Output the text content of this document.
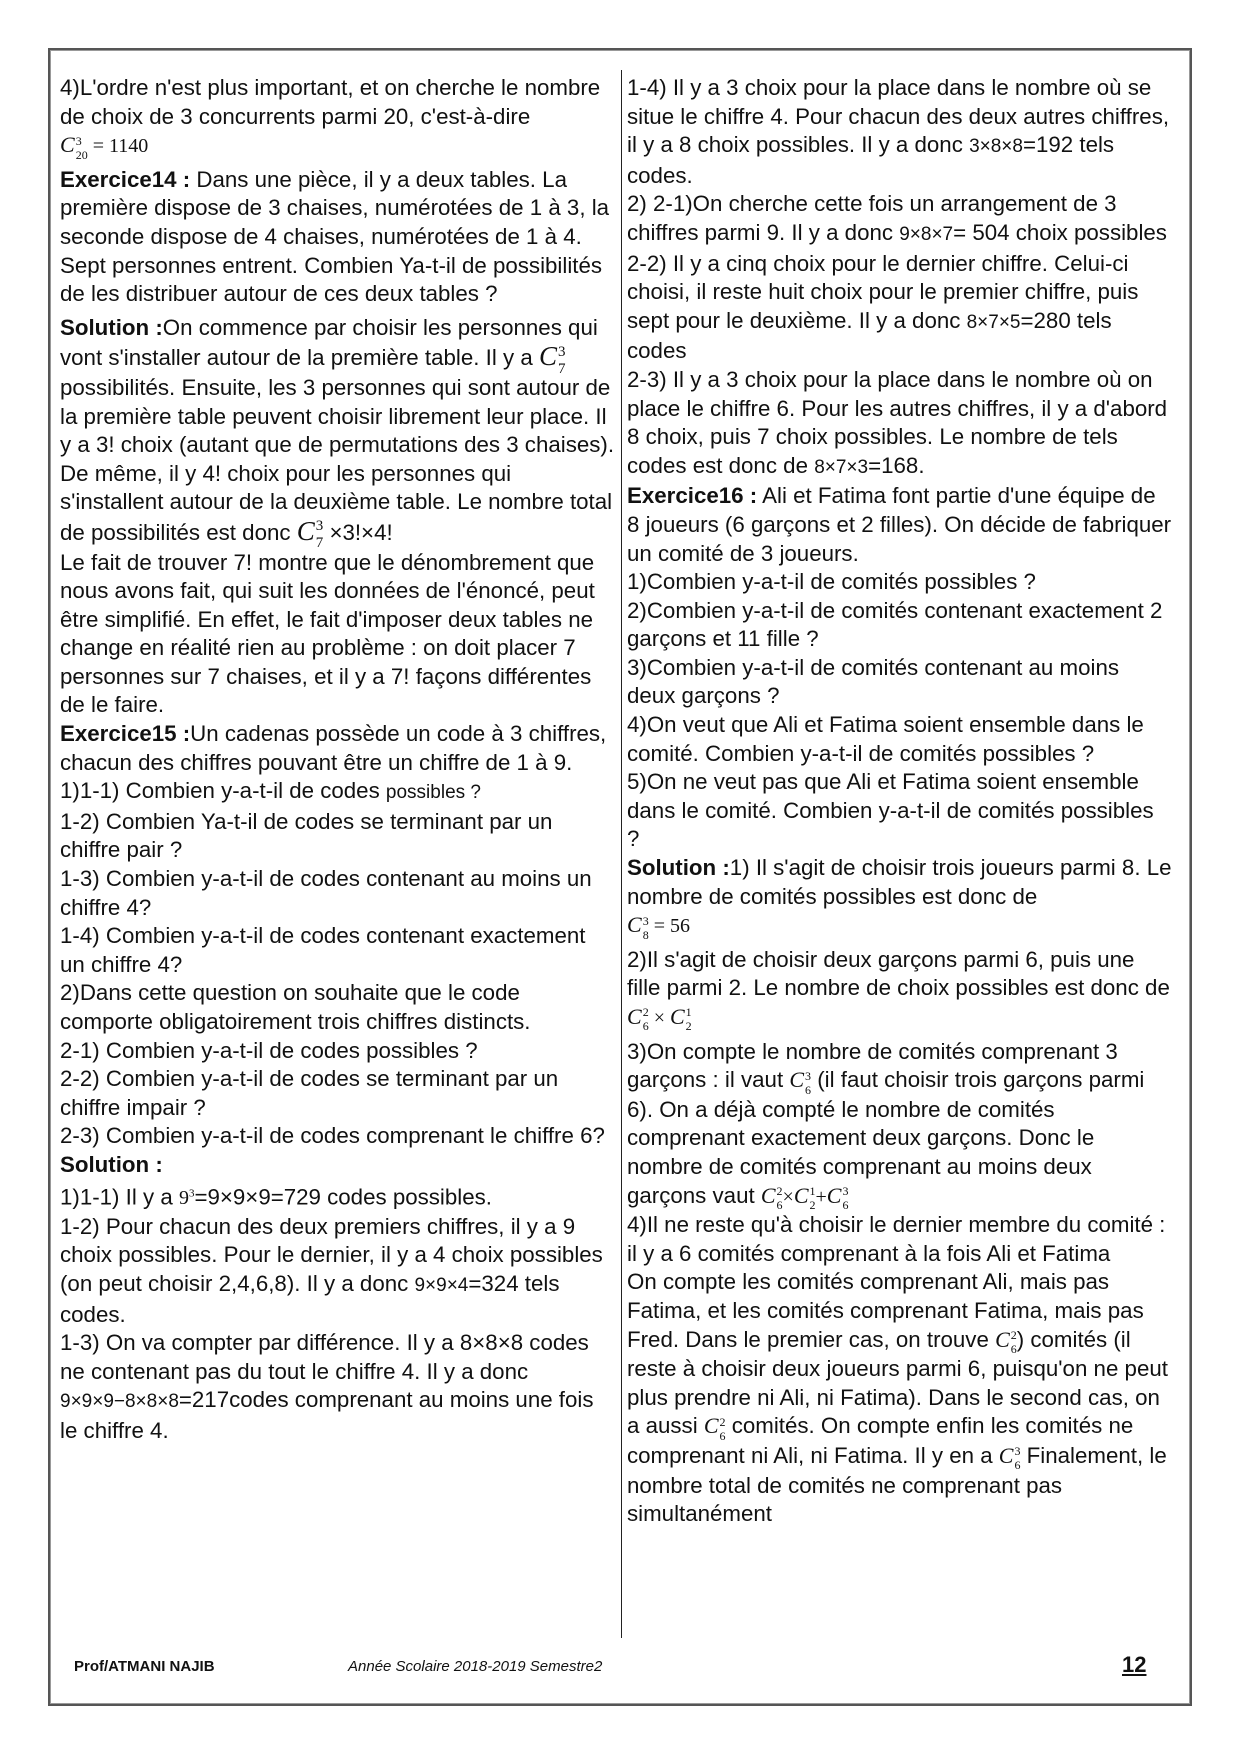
4)L'ordre n'est plus important, et on cherche le nombre de choix de 3 concurrents parmi 20, c'est-à-dire C 3
20 = 1140

Exercice14 : Dans une pièce, il y a deux tables. La première dispose de 3 chaises, numérotées de 1 à 3, la seconde dispose de 4 chaises, numérotées de 1 à 4. Sept personnes entrent. Combien Ya-t-il de possibilités de les distribuer autour de ces deux tables ?

Solution :On commence par choisir les personnes qui vont s'installer autour de la première table. Il y a C 3
7
possibilités. Ensuite, les 3 personnes qui sont autour de la première table peuvent choisir librement leur place. Il y a 3! choix (autant que de permutations des 3 chaises). De même, il y 4! choix pour les personnes qui s'installent autour de la deuxième table. Le nombre total de possibilités est donc C 3
7 ×3!×4!

Le fait de trouver 7! montre que le dénombrement que nous avons fait, qui suit les données de l'énoncé, peut être simplifié. En effet, le fait d'imposer deux tables ne change en réalité rien au problème : on doit placer 7 personnes sur 7 chaises, et il y a 7! façons différentes de le faire.

Exercice15 :Un cadenas possède un code à 3 chiffres, chacun des chiffres pouvant être un chiffre de 1 à 9.

1)1-1) Combien y-a-t-il de codes possibles ?

1-2) Combien Ya-t-il de codes se terminant par un chiffre pair ?

1-3) Combien y-a-t-il de codes contenant au moins un chiffre 4?

1-4) Combien y-a-t-il de codes contenant exactement un chiffre 4?

2)Dans cette question on souhaite que le code comporte obligatoirement trois chiffres distincts.

2-1) Combien y-a-t-il de codes possibles ?

2-2) Combien y-a-t-il de codes se terminant par un chiffre impair ?

2-3) Combien y-a-t-il de codes comprenant le chiffre 6?

Solution :

1)1-1) Il y a $9^3=9\times 9\times 9=729$ codes possibles.

1-2) Pour chacun des deux premiers chiffres, il y a 9 choix possibles. Pour le dernier, il y a 4 choix possibles (on peut choisir 2,4,6,8). Il y a donc 9×9×4=324 tels codes.

1-3) On va compter par différence. Il y a 8×8×8 codes ne contenant pas du tout le chiffre 4. Il y a donc 9×9×9−8×8×8=217codes comprenant au moins une fois le chiffre 4.

1-4) Il y a 3 choix pour la place dans le nombre où se situe le chiffre 4. Pour chacun des deux autres chiffres, il y a 8 choix possibles. Il y a donc 3×8×8=192 tels codes.

2) 2-1)On cherche cette fois un arrangement de 3 chiffres parmi 9. Il y a donc 9×8×7= 504 choix possibles

2-2) Il y a cinq choix pour le dernier chiffre. Celui-ci choisi, il reste huit choix pour le premier chiffre, puis sept pour le deuxième. Il y a donc 8×7×5=280 tels codes

2-3) Il y a 3 choix pour la place dans le nombre où on place le chiffre 6. Pour les autres chiffres, il y a d'abord 8 choix, puis 7 choix possibles. Le nombre de tels codes est donc de 8×7×3=168.

Exercice16 : Ali et Fatima font partie d'une équipe de 8 joueurs (6 garçons et 2 filles). On décide de fabriquer un comité de 3 joueurs.

1)Combien y-a-t-il de comités possibles ?

2)Combien y-a-t-il de comités contenant exactement 2 garçons et 11 fille ?

3)Combien y-a-t-il de comités contenant au moins deux garçons ?

4)On veut que Ali et Fatima soient ensemble dans le comité. Combien y-a-t-il de comités possibles ?

5)On ne veut pas que Ali et Fatima soient ensemble dans le comité. Combien y-a-t-il de comités possibles ?

Solution :1) Il s'agit de choisir trois joueurs parmi 8. Le nombre de comités possibles est donc de

C 3
8 = 56

2)Il s'agit de choisir deux garçons parmi 6, puis une fille parmi 2. Le nombre de choix possibles est donc de C 2
6 × C 1
2

3)On compte le nombre de comités comprenant 3 garçons : il vaut C 3
6 (il faut choisir trois garçons parmi 6). On a déjà compté le nombre de comités comprenant exactement deux garçons. Donc le nombre de comités comprenant au moins deux garçons vaut C 2
6 ×C 1
2 +C 3
6

4)Il ne reste qu'à choisir le dernier membre du comité : il y a 6 comités comprenant à la fois Ali et Fatima

On compte les comités comprenant Ali, mais pas Fatima, et les comités comprenant Fatima, mais pas Fred. Dans le premier cas, on trouve C 2
6 ) comités (il reste à choisir deux joueurs parmi 6, puisqu'on ne peut plus prendre ni Ali, ni Fatima). Dans le second cas, on a aussi C 2
6 comités. On compte enfin les comités ne comprenant ni Ali, ni Fatima. Il y en a C 3
6 Finalement, le nombre total de comités ne comprenant pas simultanément

Prof/ATMANI NAJIB	Année Scolaire 2018-2019 Semestre2	12
